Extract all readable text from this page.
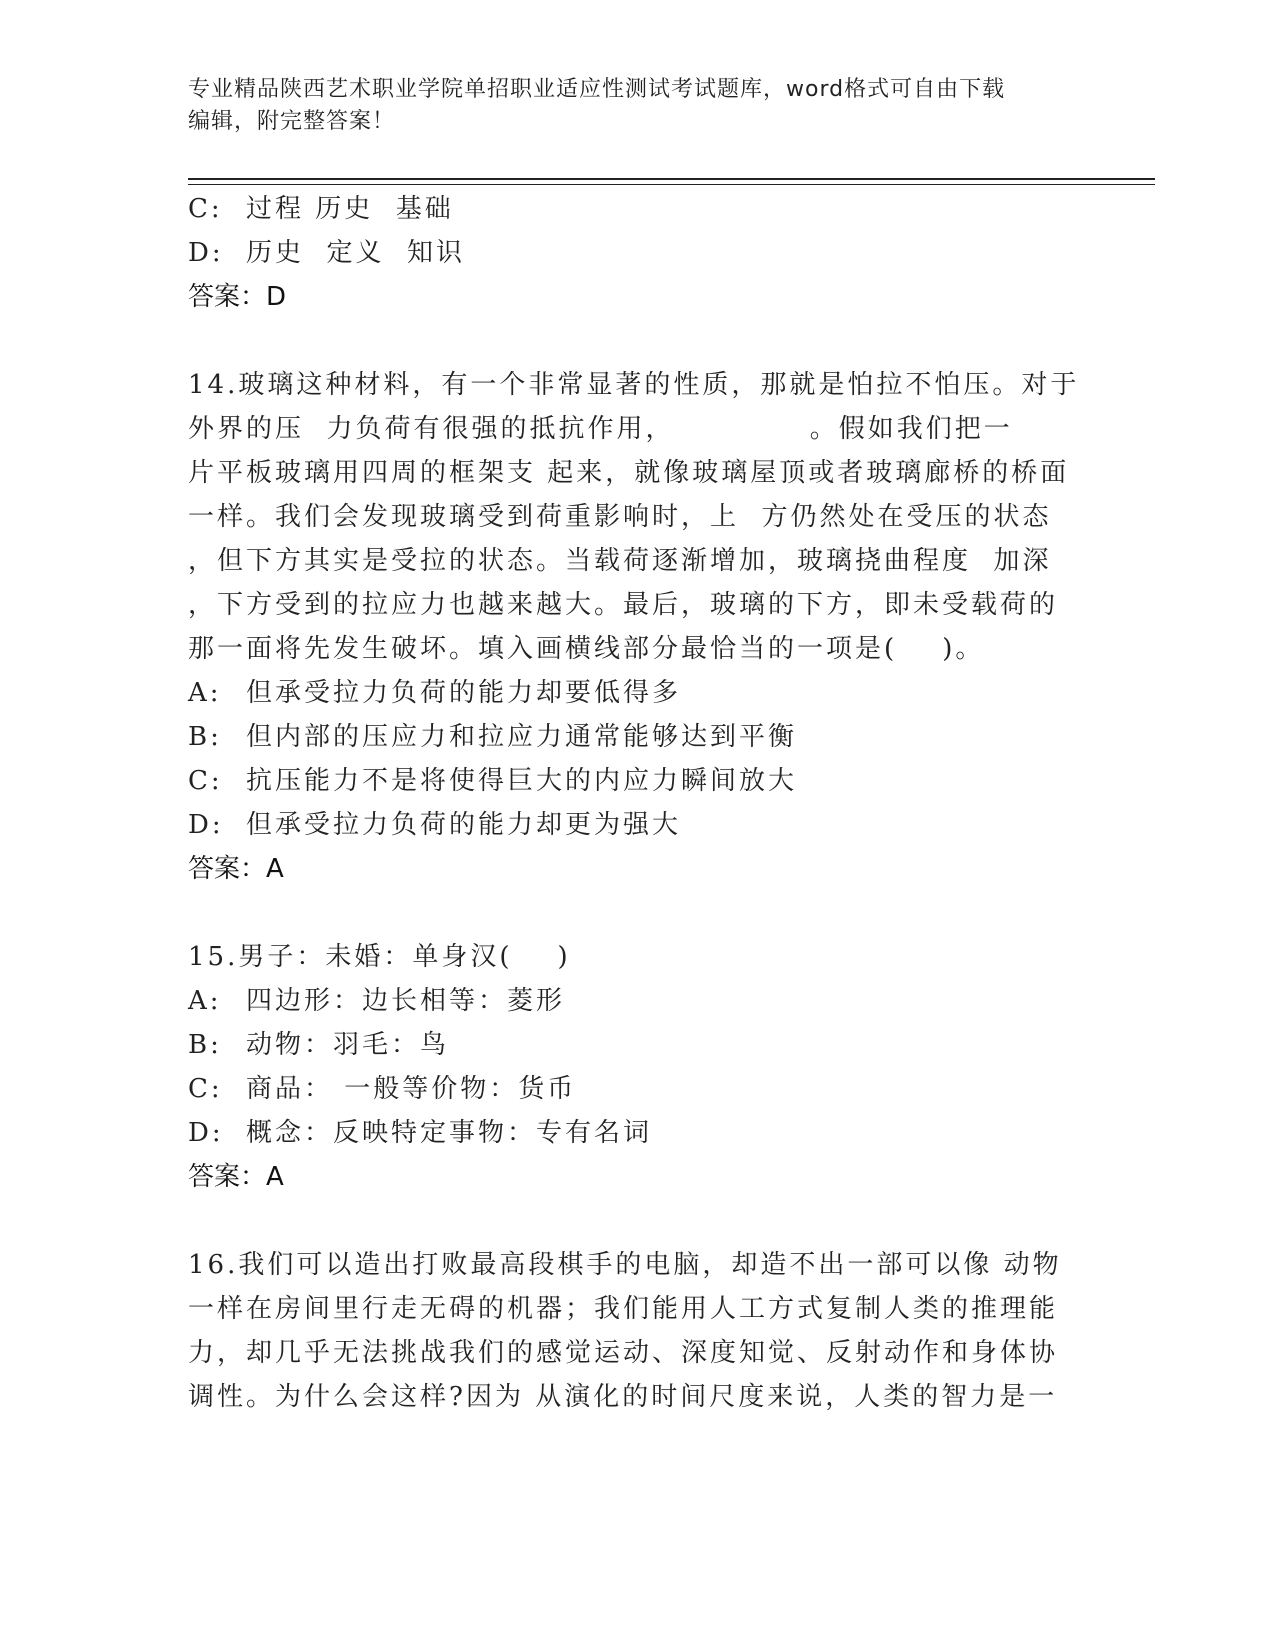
专业精品陕西艺术职业学院单招职业适应性测试考试题库，word格式可自由下载
编辑，附完整答案！
C: 过程 历史  基础
D: 历史  定义  知识
答案：D
14.玻璃这种材料，有一个非常显著的性质，那就是怕拉不怕压。对于
外界的压  力负荷有很强的抵抗作用，            。假如我们把一
片平板玻璃用四周的框架支 起来，就像玻璃屋顶或者玻璃廊桥的桥面
一样。我们会发现玻璃受到荷重影响时，上  方仍然处在受压的状态
，但下方其实是受拉的状态。当载荷逐渐增加，玻璃挠曲程度  加深
，下方受到的拉应力也越来越大。最后，玻璃的下方，即未受载荷的
那一面将先发生破坏。填入画横线部分最恰当的一项是(    )。
A: 但承受拉力负荷的能力却要低得多
B: 但内部的压应力和拉应力通常能够达到平衡
C: 抗压能力不是将使得巨大的内应力瞬间放大
D: 但承受拉力负荷的能力却更为强大
答案：A
15.男子：未婚：单身汉(    )
A: 四边形：边长相等：菱形
B: 动物：羽毛：鸟
C: 商品： 一般等价物：货币
D: 概念：反映特定事物：专有名词
答案：A
16.我们可以造出打败最高段棋手的电脑，却造不出一部可以像 动物
一样在房间里行走无碍的机器；我们能用人工方式复制人类的推理能
力，却几乎无法挑战我们的感觉运动、深度知觉、反射动作和身体协
调性。为什么会这样?因为 从演化的时间尺度来说，人类的智力是一
